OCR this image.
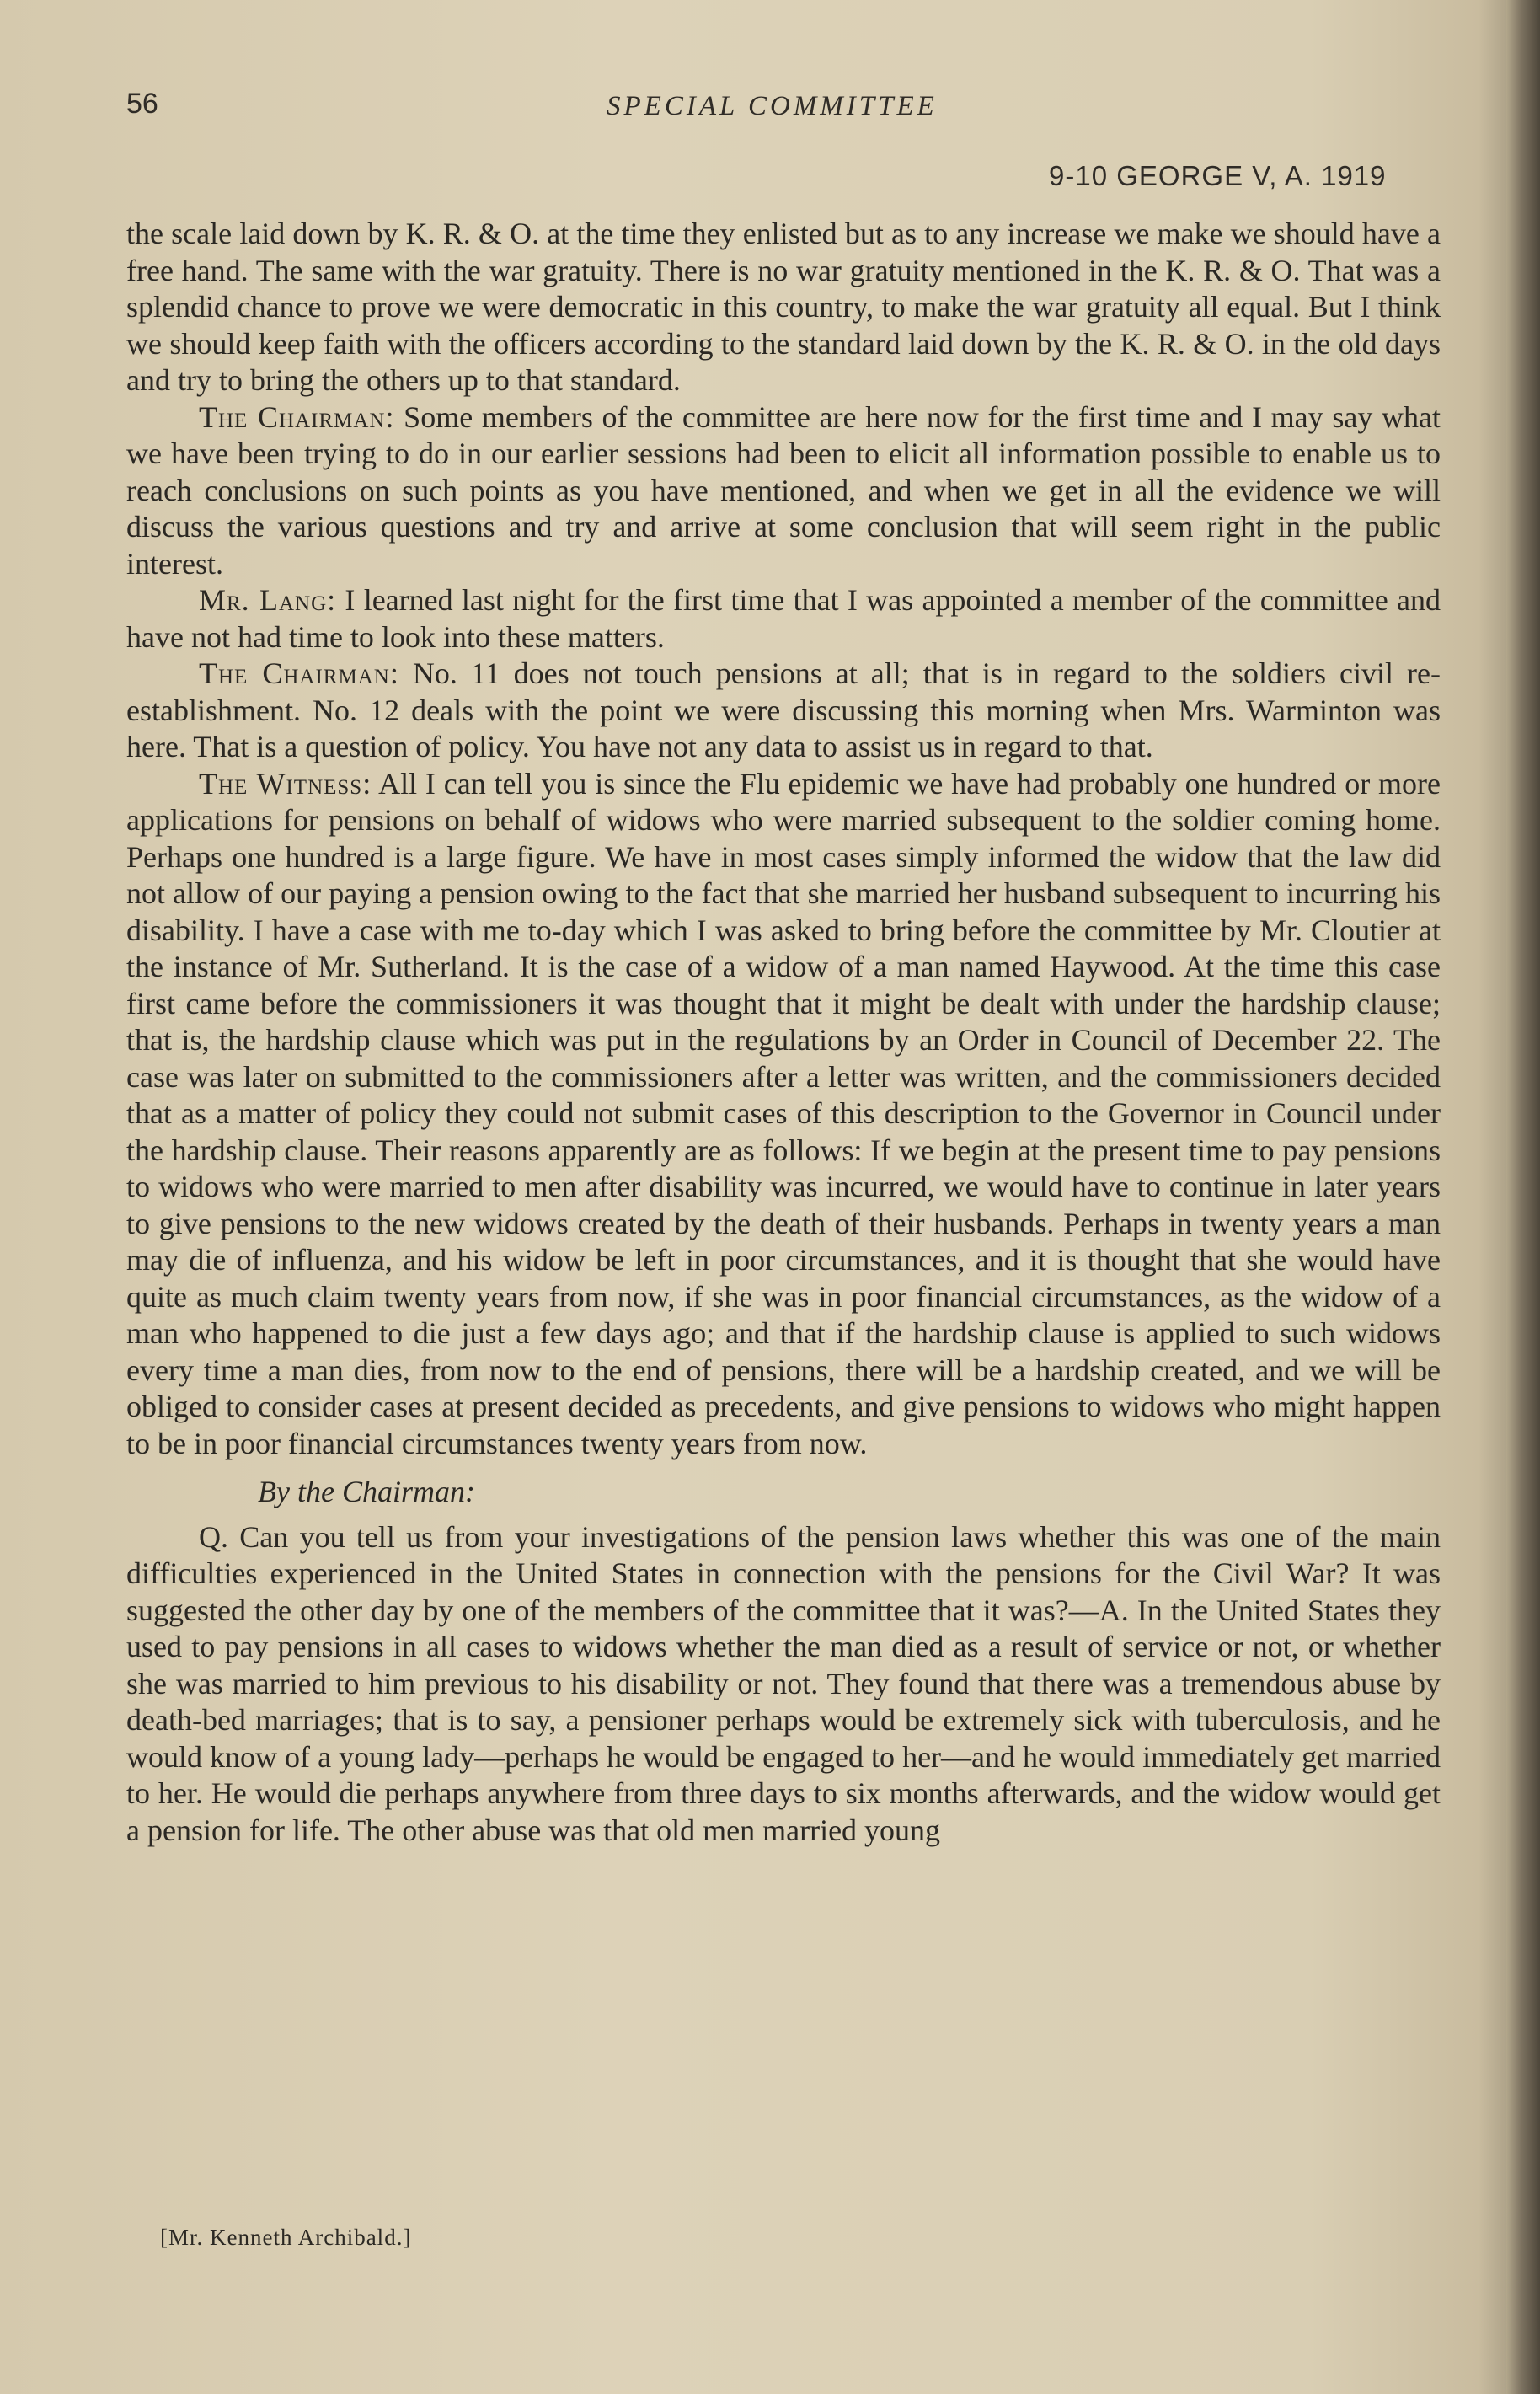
56	SPECIAL COMMITTEE
9-10 GEORGE V, A. 1919

the scale laid down by K. R. & O. at the time they enlisted but as to any increase we make we should have a free hand. The same with the war gratuity. There is no war gratuity mentioned in the K. R. & O. That was a splendid chance to prove we were democratic in this country, to make the war gratuity all equal. But I think we should keep faith with the officers according to the standard laid down by the K. R. & O. in the old days and try to bring the others up to that standard.

The Chairman: Some members of the committee are here now for the first time and I may say what we have been trying to do in our earlier sessions had been to elicit all information possible to enable us to reach conclusions on such points as you have mentioned, and when we get in all the evidence we will discuss the various questions and try and arrive at some conclusion that will seem right in the public interest.

Mr. Lang: I learned last night for the first time that I was appointed a member of the committee and have not had time to look into these matters.

The Chairman: No. 11 does not touch pensions at all; that is in regard to the soldiers civil re-establishment. No. 12 deals with the point we were discussing this morning when Mrs. Warminton was here. That is a question of policy. You have not any data to assist us in regard to that.

The Witness: All I can tell you is since the Flu epidemic we have had probably one hundred or more applications for pensions on behalf of widows who were married subsequent to the soldier coming home. Perhaps one hundred is a large figure. We have in most cases simply informed the widow that the law did not allow of our paying a pension owing to the fact that she married her husband subsequent to incurring his disability. I have a case with me to-day which I was asked to bring before the committee by Mr. Cloutier at the instance of Mr. Sutherland. It is the case of a widow of a man named Haywood. At the time this case first came before the commissioners it was thought that it might be dealt with under the hardship clause; that is, the hardship clause which was put in the regulations by an Order in Council of December 22. The case was later on submitted to the commissioners after a letter was written, and the commissioners decided that as a matter of policy they could not submit cases of this description to the Governor in Council under the hardship clause. Their reasons apparently are as follows: If we begin at the present time to pay pensions to widows who were married to men after disability was incurred, we would have to continue in later years to give pensions to the new widows created by the death of their husbands. Perhaps in twenty years a man may die of influenza, and his widow be left in poor circumstances, and it is thought that she would have quite as much claim twenty years from now, if she was in poor financial circumstances, as the widow of a man who happened to die just a few days ago; and that if the hardship clause is applied to such widows every time a man dies, from now to the end of pensions, there will be a hardship created, and we will be obliged to consider cases at present decided as precedents, and give pensions to widows who might happen to be in poor financial circumstances twenty years from now.

By the Chairman:

Q. Can you tell us from your investigations of the pension laws whether this was one of the main difficulties experienced in the United States in connection with the pensions for the Civil War? It was suggested the other day by one of the members of the committee that it was?—A. In the United States they used to pay pensions in all cases to widows whether the man died as a result of service or not, or whether she was married to him previous to his disability or not. They found that there was a tremendous abuse by death-bed marriages; that is to say, a pensioner perhaps would be extremely sick with tuberculosis, and he would know of a young lady—perhaps he would be engaged to her—and he would immediately get married to her. He would die perhaps anywhere from three days to six months afterwards, and the widow would get a pension for life. The other abuse was that old men married young

[Mr. Kenneth Archibald.]
